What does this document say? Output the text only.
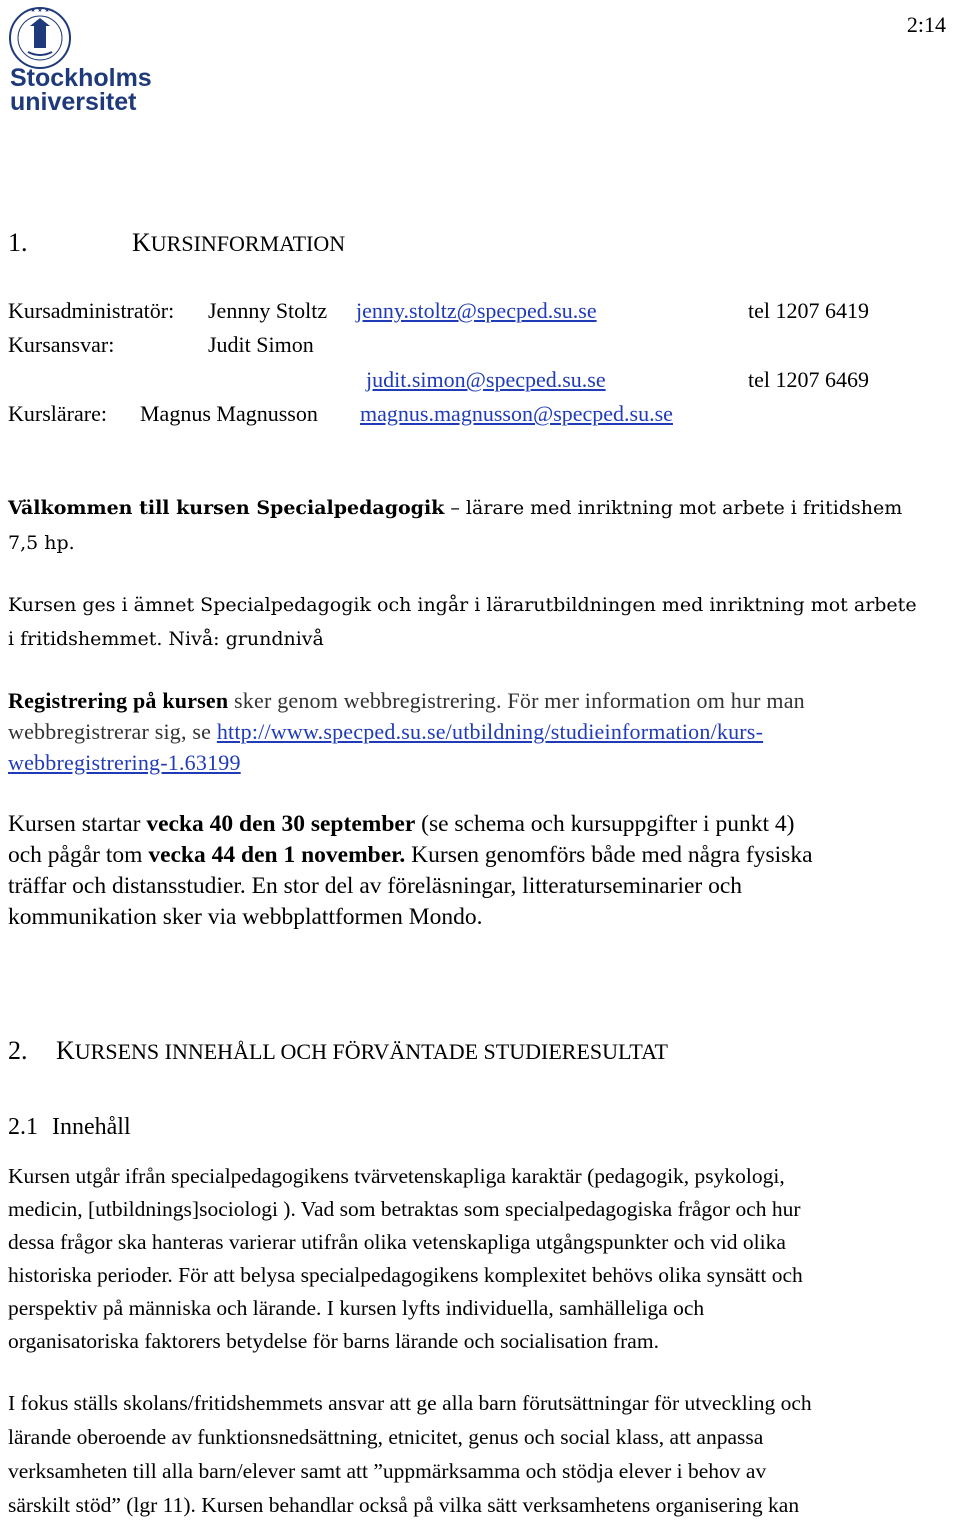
★ ★ ★
Stockholms
universitet
2:14
1.	KURSINFORMATION
Kursadministratör: Jennny Stoltz jenny.stoltz@specped.su.se	tel 1207 6419
Kursansvar:	Judit Simon
judit.simon@specped.su.se	tel 1207 6469
Kurslärare: Magnus Magnusson magnus.magnusson@specped.su.se
Välkommen till kursen Specialpedagogik – lärare med inriktning mot arbete i fritidshem
7,5 hp.
Kursen ges i ämnet Specialpedagogik och ingår i lärarutbildningen med inriktning mot arbete
i fritidshemmet. Nivå: grundnivå
Registrering på kursen sker genom webbregistrering. För mer information om hur man
webbregistrerar sig, se http://www.specped.su.se/utbildning/studieinformation/kurs-
webbregistrering-1.63199
Kursen startar vecka 40 den 30 september (se schema och kursuppgifter i punkt 4)
och pågår tom vecka 44 den 1 november. Kursen genomförs både med några fysiska
träffar och distansstudier. En stor del av föreläsningar, litteraturseminarier och
kommunikation sker via webbplattformen Mondo.
2. KURSENS INNEHÅLL OCH FÖRVÄNTADE STUDIERESULTAT
2.1 Innehåll
Kursen utgår ifrån specialpedagogikens tvärvetenskapliga karaktär (pedagogik, psykologi,
medicin, [utbildnings]sociologi ). Vad som betraktas som specialpedagogiska frågor och hur
dessa frågor ska hanteras varierar utifrån olika vetenskapliga utgångspunkter och vid olika
historiska perioder. För att belysa specialpedagogikens komplexitet behövs olika synsätt och
perspektiv på människa och lärande. I kursen lyfts individuella, samhälleliga och
organisatoriska faktorers betydelse för barns lärande och socialisation fram.
I fokus ställs skolans/fritidshemmets ansvar att ge alla barn förutsättningar för utveckling och
lärande oberoende av funktionsnedsättning, etnicitet, genus och social klass, att anpassa
verksamheten till alla barn/elever samt att ”uppmärksamma och stödja elever i behov av
särskilt stöd” (lgr 11). Kursen behandlar också på vilka sätt verksamhetens organisering kan
